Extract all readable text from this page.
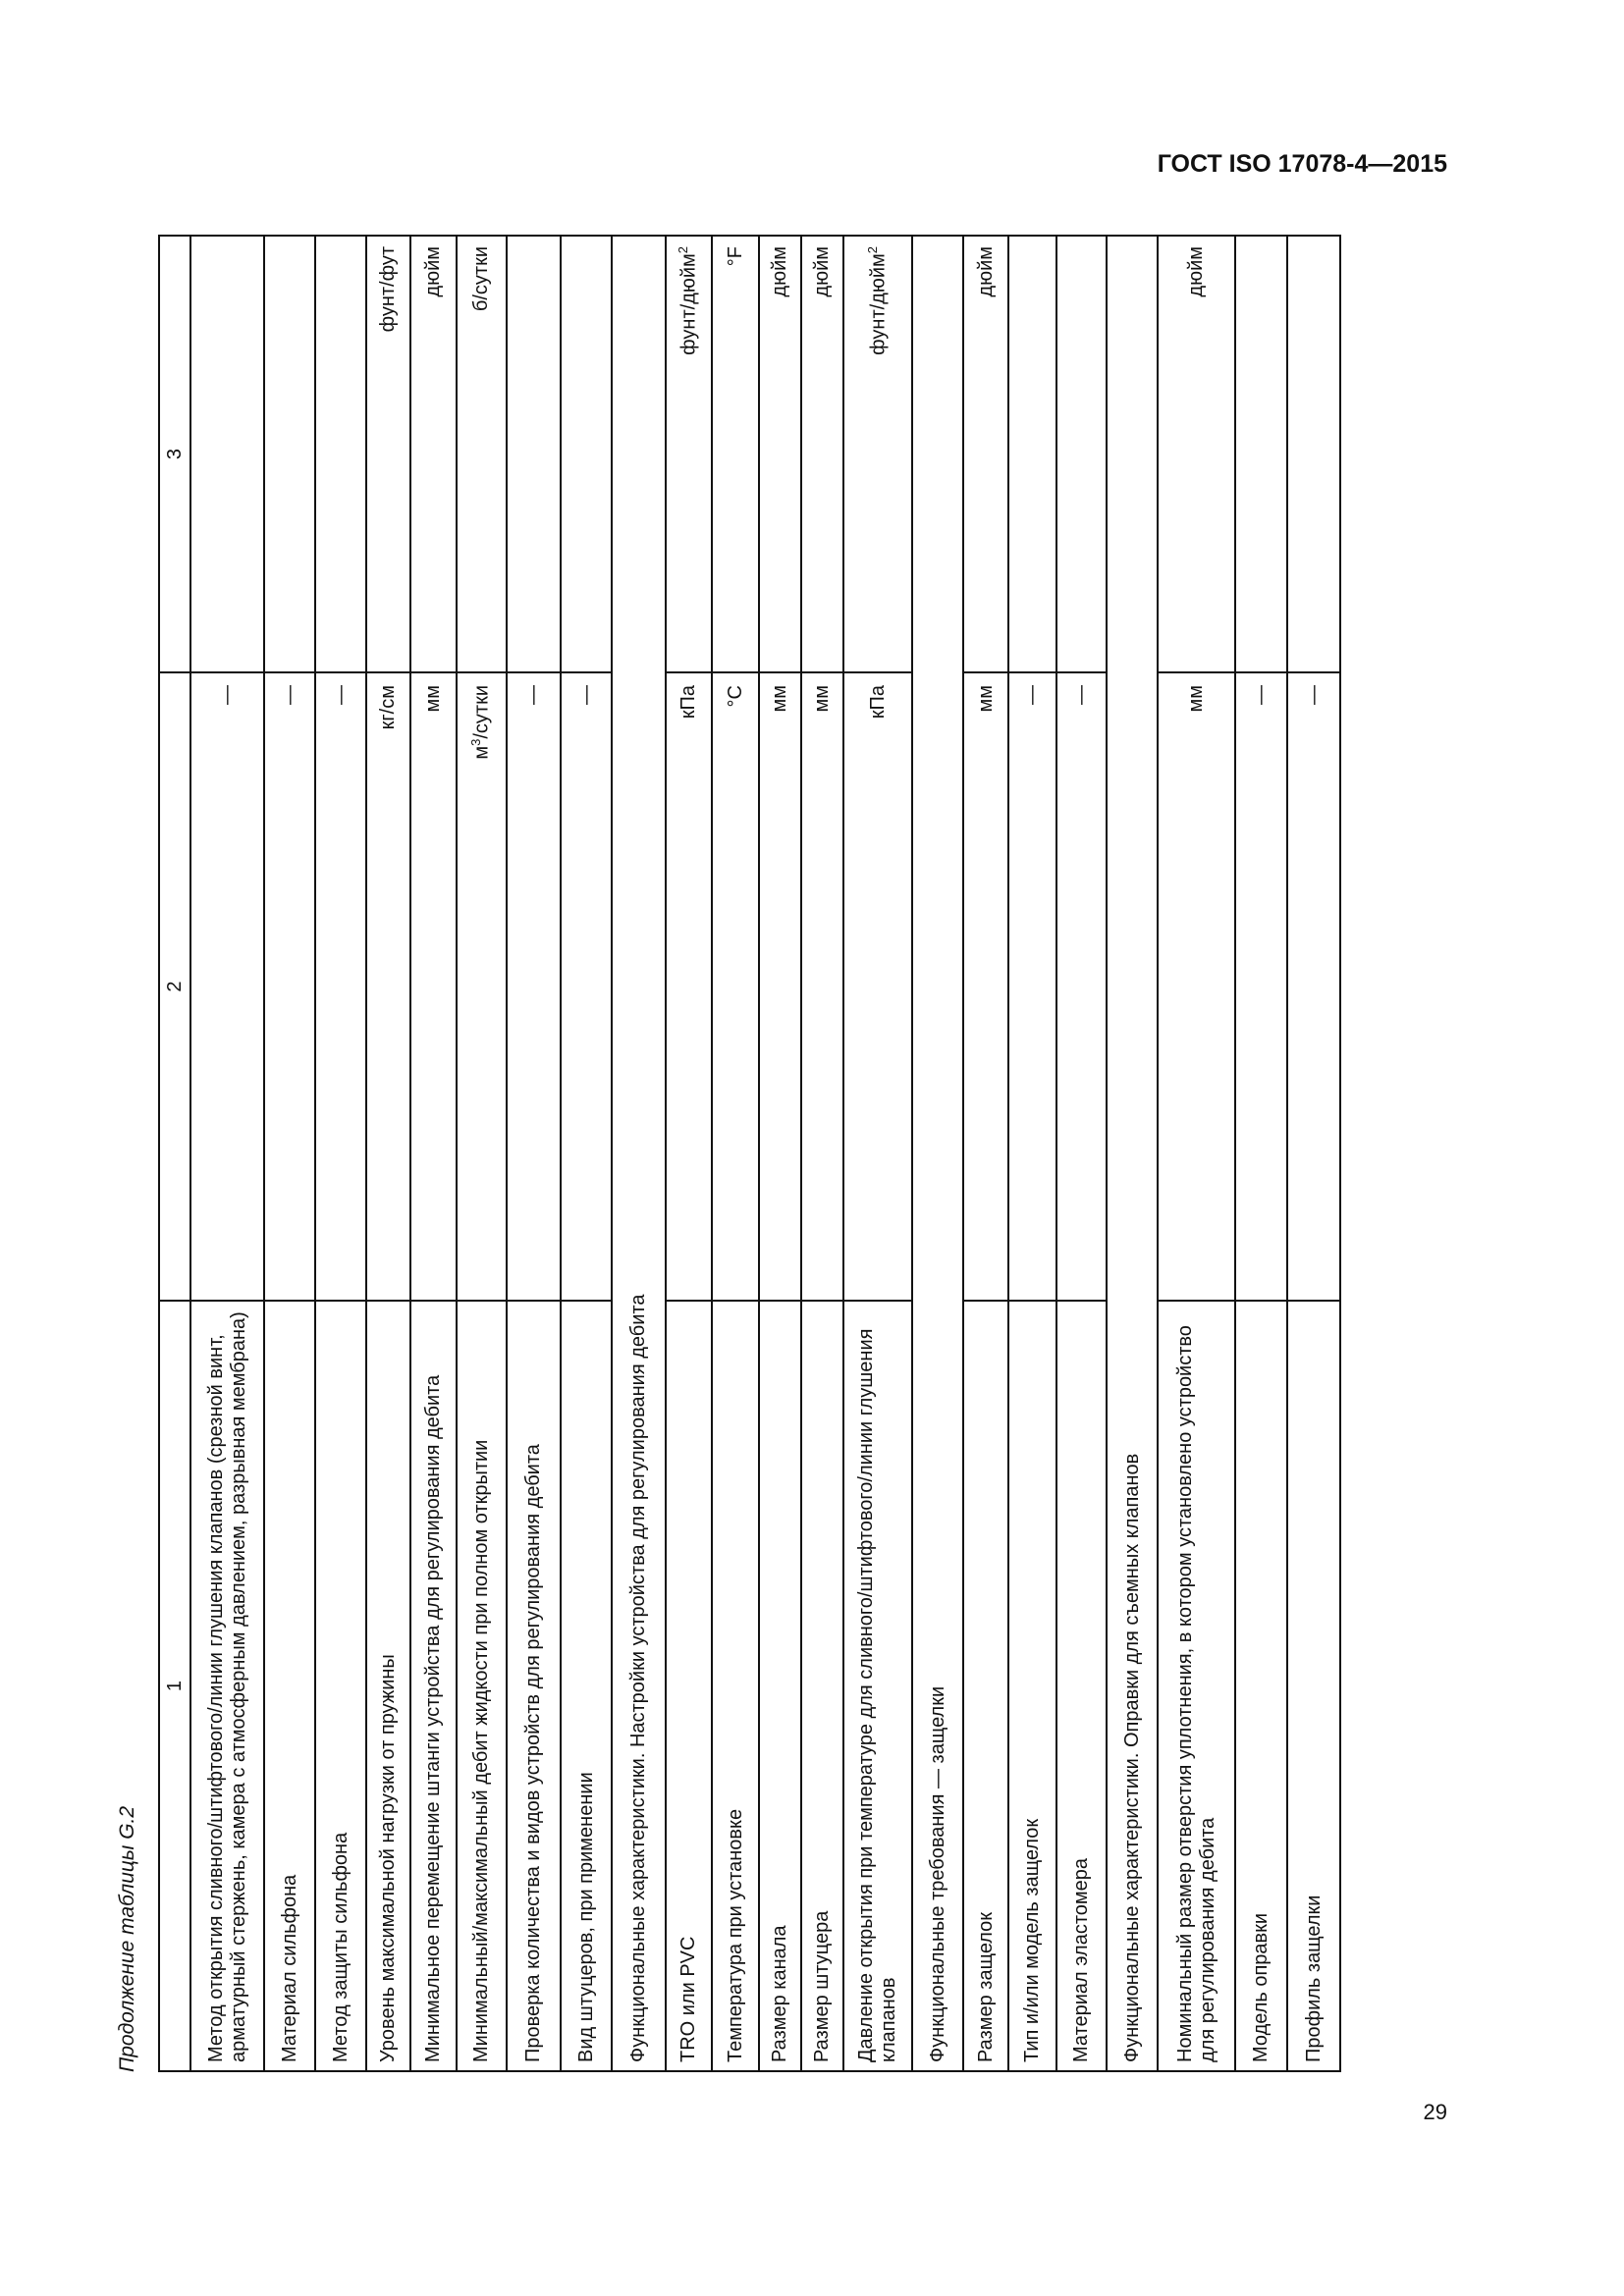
ГОСТ ISO 17078-4—2015
Продолжение таблицы G.2
1	2	3
Метод открытия сливного/штифтового/линии глушения клапанов (срезной винт, арматурный стержень, камера с атмосферным давлением, разрывная мембрана)	—	
Материал сильфона	—	
Метод защиты сильфона	—	
Уровень максимальной нагрузки от пружины	кг/см	фунт/фут
Минимальное перемещение штанги устройства для регулирования дебита	мм	дюйм
Минимальный/максимальный дебит жидкости при полном открытии	$м^3$/сутки	б/сутки
Проверка количества и видов устройств для регулирования дебита	—	
Вид штуцеров, при применении	—	
Функциональные характеристики. Настройки устройства для регулирования дебита		
TRO или PVC	кПа	фунт/дюйм$^2$
Температура при установке	°С	°F
Размер канала	мм	дюйм
Размер штуцера	мм	дюйм
Давление открытия при температуре для сливного/штифтового/линии глушения клапанов	кПа	фунт/дюйм$^2$
Функциональные требования — защелки		
Размер защелок	мм	дюйм
Тип и/или модель защелок	—	
Материал эластомера	—	
Функциональные характеристики. Оправки для съемных клапанов		
Номинальный размер отверстия уплотнения, в котором установлено устройство для регулирования дебита	мм	дюйм
Модель оправки	—	
Профиль защелки	—	
29
